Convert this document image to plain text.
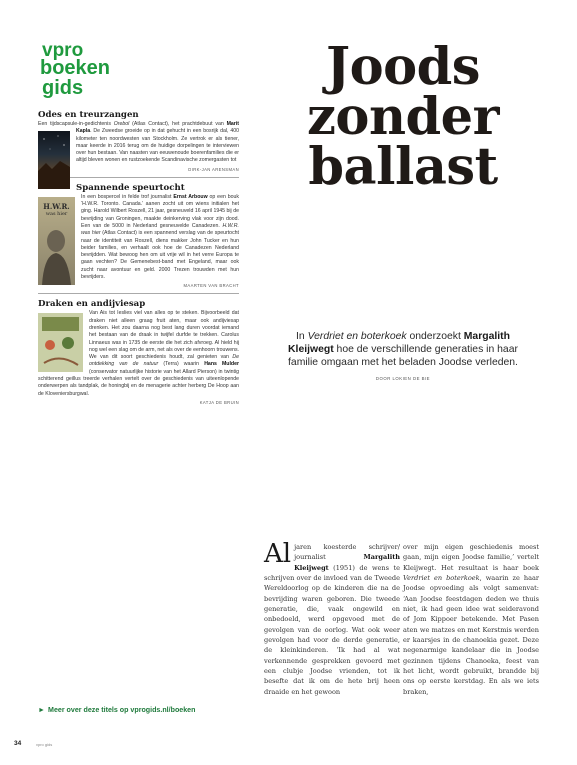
vpro
boeken
gids
Odes en treurzangen
Een tijdscapsule-in-gedichtenis Orebol (Atlas Contact), het prachtdebuut van Marit Kapla
. De Zweedse groeide op in dat gehucht in een bosrijk dal, 400 kilometer ten noordwesten van Stockholm. Ze vertrok er als tiener, maar keerde in 2016 terug om de huidige dorpelingen te interviewen over hun bestaan. Van naasten van eeuwenoude boerenfamilies die er altijd bleven wonen en rustzoekende Scandinavische zomergasten tot
DIRK-JAN ARENSMAN
Spannende speurtocht
In een bospercel in felde trof journalist Ernst Arbouw
H.W.R.
was hier
op een bouk ‘H.W.R. Toronto. Canada.’ aanen zocht uit om wiens initialen het ging. Harold Wilbert Roszell, 21 jaar, gesneuveld 16 april 1945 bij de bevrijding van Groningen, maakte deinkerving vlak voor zijn dood. Een van de 5000 in Nederland gesneuvelde Canadezen. H.W.R. was hier (Atlas Contact) is een spannend verslag van de speurtocht naar de identiteit van Roszell, diens makker John Tucker en hun beider families, en verhaalt ook hoe de Canadezen Nederland bevrijdden. Wat bewoog hen om uit vrije wil in het verre Europa te gaan vechten? De Gemenebest-band met Engeland, maar ook zucht naar avontuur en geld. 2000 Trezen trouwden met hun bevrijders.
MAARTEN VAN BRACHT
Draken en andijviesap
Van Ais tot Ieslies viel van alles op te steken. Bijvoorbeeld dat draken niet alleen graag fruit aten, maar ook andijviesap drenken. Het zou daarna nog best lang duren voordat iemand het bestaan van de draak in twijfel durfde te trekken. Carolus Linnaeus was in 1735 de eerste die het zich afvroeg. Al hield hij nog wel een slag om de arm, net als over de eenhoorn trouwens. We van dit soort geschiedenis houdt, zal genieten van De ontdekking van de natuur (Terra) waarin Hans Mulder (conservator natuurlijke historie van het Allard Pierson) in twintig schitterend geillus treerde verhalen vertelt over de geschiedenis van uiteenlopende onderwerpen als tandplak, de honingbij en de menagerie achter herberg De Hoop aan de Kloveniersburgwal.
KATJA DE BRUIN
► Meer over deze titels op vprogids.nl/boeken
34	vpro gids
Joods
zonder
ballast
In Verdriet en boterkoek onderzoekt Margalith Kleijwegt hoe de verschillende generaties in haar familie omgaan met het beladen Joodse verleden.
DOOR LOKIEN DE BIE
Al jaren koesterde schrijver/ journalist Margalith Kleijwegt (1951) de wens te schrijven over de invloed van de Tweede Wereldoorlog op de kinderen die na de bevrijding waren geboren. Die tweede generatie, die, vaak ongewild en onbedoeld, werd opgevoed met de gevolgen van de oorlog. Wat ook weer gevolgen had voor de derde generatie, de kleinkinderen. ‘Ik had al wat verkennende gesprekken gevoerd met een clubje Joodse vrienden, tot ik besefte dat ik om de hete brij heen draaide en het gewoon
over mijn eigen geschiedenis moest gaan, mijn eigen Joodse familie,’ vertelt Kleijwegt. Het resultaat is haar boek Verdriet en boterkoek, waarin ze haar Joodse opvoeding als volgt samenvat: ‘Aan Joodse feestdagen deden we thuis niet, ik had geen idee wat seideravond of Jom Kippoer betekende. Met Pasen aten we matzes en met Kerstmis werden er kaarsjes in de chanoekia gezet. Deze negenarmige kandelaar die in Joodse gezinnen tijdens Chanoeka, feest van het licht, wordt gebruikt, brandde bij ons op eerste kerstdag. En als we iets braken,
